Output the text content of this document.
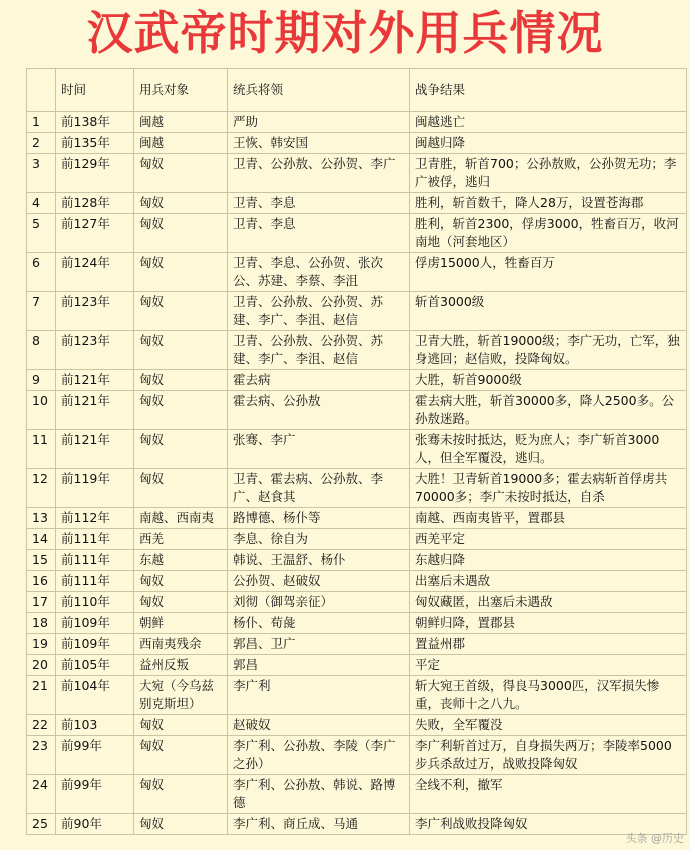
汉武帝时期对外用兵情况
	时间	用兵对象	统兵将领	战争结果
1	前138年	闽越	严助	闽越逃亡
2	前135年	闽越	王恢、韩安国	闽越归降
3	前129年	匈奴	卫青、公孙敖、公孙贺、李广	卫青胜，斩首700；公孙敖败，公孙贺无功；李广被俘，逃归
4	前128年	匈奴	卫青、李息	胜利，斩首数千，降人28万，设置苍海郡
5	前127年	匈奴	卫青、李息	胜利，斩首2300，俘虏3000，牲畜百万，收河南地（河套地区）
6	前124年	匈奴	卫青、李息、公孙贺、张次公、苏建、李蔡、李沮	俘虏15000人，牲畜百万
7	前123年	匈奴	卫青、公孙敖、公孙贺、苏建、李广、李沮、赵信	斩首3000级
8	前123年	匈奴	卫青、公孙敖、公孙贺、苏建、李广、李沮、赵信	卫青大胜，斩首19000级；李广无功，亡军，独身逃回；赵信败，投降匈奴。
9	前121年	匈奴	霍去病	大胜，斩首9000级
10	前121年	匈奴	霍去病、公孙敖	霍去病大胜，斩首30000多，降人2500多。公孙敖迷路。
11	前121年	匈奴	张骞、李广	张骞未按时抵达，贬为庶人；李广斩首3000人，但全军覆没，逃归。
12	前119年	匈奴	卫青、霍去病、公孙敖、李广、赵食其	大胜！卫青斩首19000多；霍去病斩首俘虏共70000多；李广未按时抵达，自杀
13	前112年	南越、西南夷	路博德、杨仆等	南越、西南夷皆平，置郡县
14	前111年	西羌	李息、徐自为	西羌平定
15	前111年	东越	韩说、王温舒、杨仆	东越归降
16	前111年	匈奴	公孙贺、赵破奴	出塞后未遇敌
17	前110年	匈奴	刘彻（御驾亲征）	匈奴藏匿，出塞后未遇敌
18	前109年	朝鲜	杨仆、荀彘	朝鲜归降，置郡县
19	前109年	西南夷残余	郭昌、卫广	置益州郡
20	前105年	益州反叛	郭昌	平定
21	前104年	大宛（今乌兹别克斯坦）	李广利	斩大宛王首级，得良马3000匹，汉军损失惨重，丧师十之八九。
22	前103	匈奴	赵破奴	失败，全军覆没
23	前99年	匈奴	李广利、公孙敖、李陵（李广之孙）	李广利斩首过万，自身损失两万；李陵率5000步兵杀敌过万，战败投降匈奴
24	前99年	匈奴	李广利、公孙敖、韩说、路博德	全线不利，撤军
25	前90年	匈奴	李广利、商丘成、马通	李广利战败投降匈奴
头条 @历史
